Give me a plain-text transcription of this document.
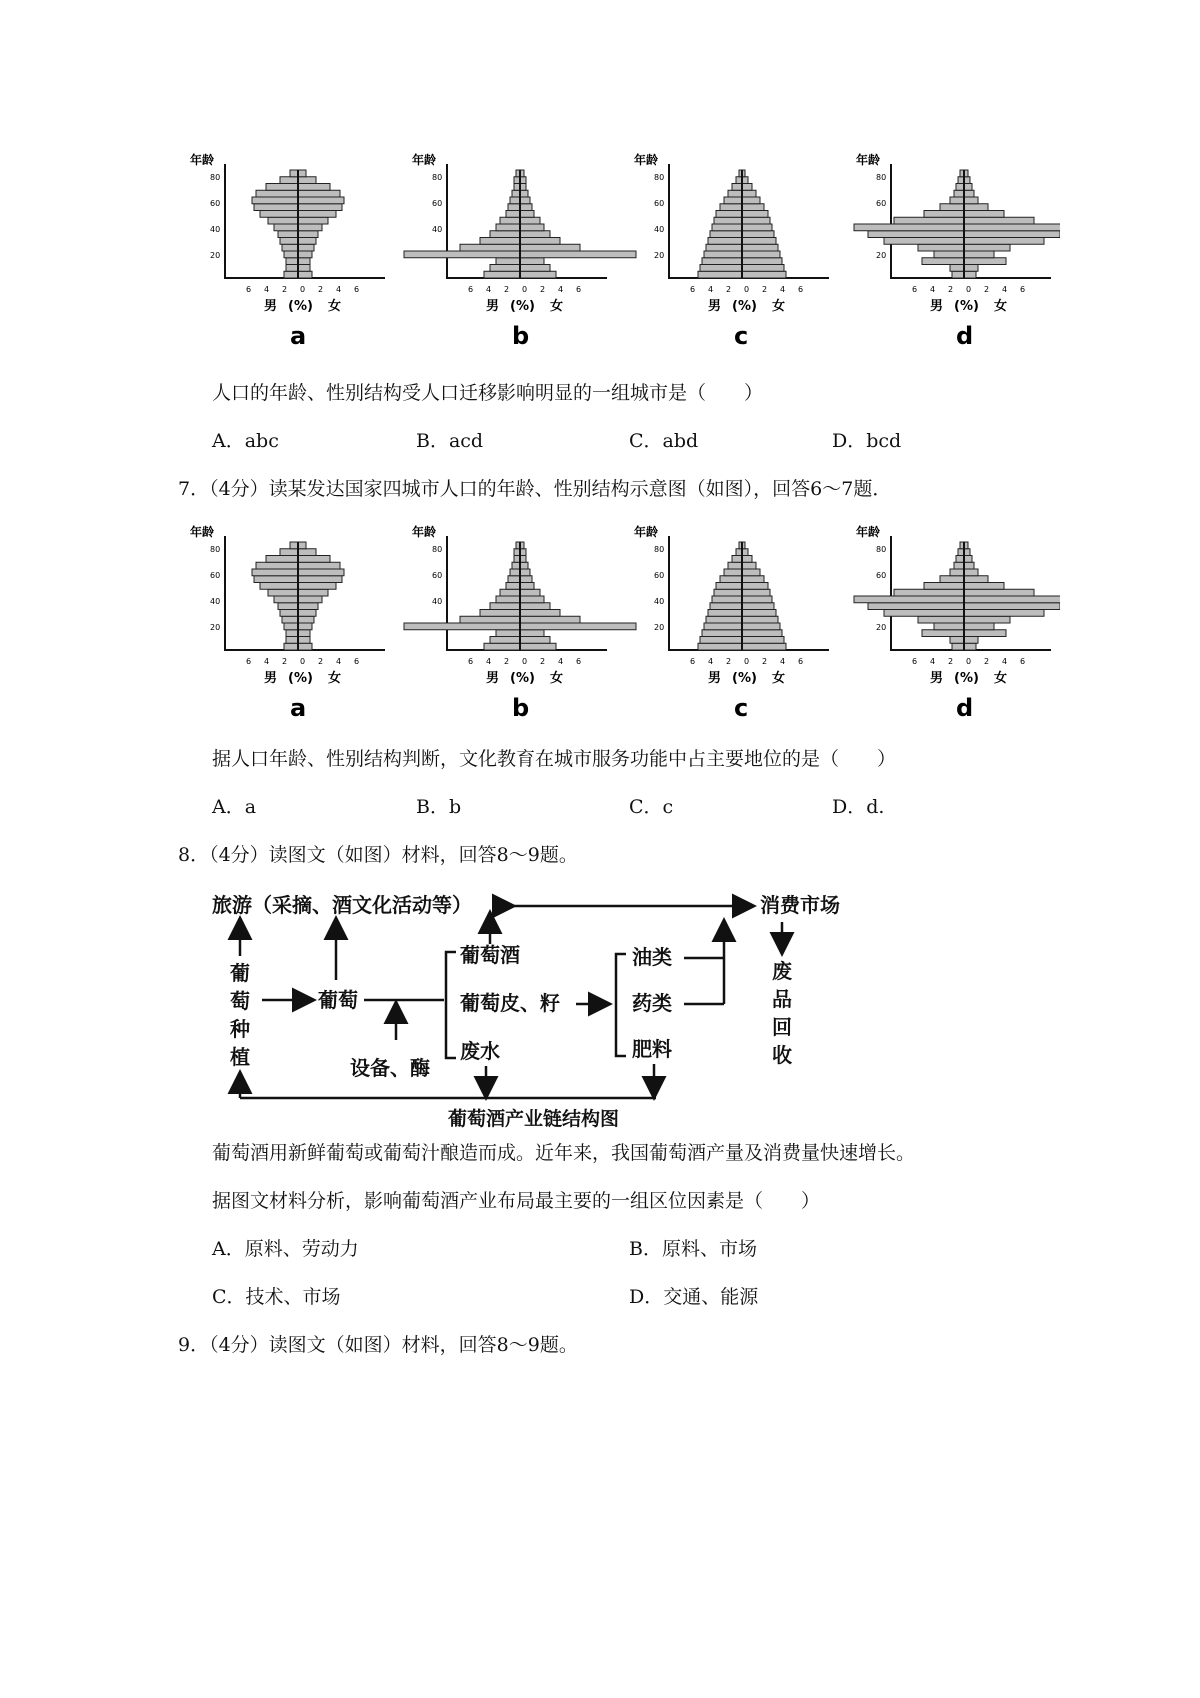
年龄
80
60
40
20
6 4 2 0 2 4 6
男 (%) 女
a
年龄
80
60
40
6 4 2 0 2 4 6
男 (%) 女
b
年龄
80
60
40
20
6 4 2 0 2 4 6
男 (%) 女
c
年龄
80
60
20
6 4 2 0 2 4 6
男 (%) 女
d
人口的年龄、性别结构受人口迁移影响明显的一组城市是（　　）
A．abc	B．acd	C．abd	D．bcd
7．（4分）读某发达国家四城市人口的年龄、性别结构示意图（如图），回答6～7题．
年龄
80
60
40
20
6 4 2 0 2 4 6
男 (%) 女
a
年龄
80
60
40
6 4 2 0 2 4 6
男 (%) 女
b
年龄
80
60
40
20
6 4 2 0 2 4 6
男 (%) 女
c
年龄
80
60
20
6 4 2 0 2 4 6
男 (%) 女
d
据人口年龄、性别结构判断，文化教育在城市服务功能中占主要地位的是（　　）
A．a	B．b	C．c	D．d.
8．（4分）读图文（如图）材料，回答8～9题。
旅游（采摘、酒文化活动等）	消费市场
葡
萄
种
植
葡萄
设备、酶
葡萄酒
葡萄皮、籽
废水
油类
药类
肥料
废
品
回
收
葡萄酒产业链结构图
葡萄酒用新鲜葡萄或葡萄汁酿造而成。近年来，我国葡萄酒产量及消费量快速增长。
据图文材料分析，影响葡萄酒产业布局最主要的一组区位因素是（　　）
A．原料、劳动力	B．原料、市场
C．技术、市场	D．交通、能源
9．（4分）读图文（如图）材料，回答8～9题。
